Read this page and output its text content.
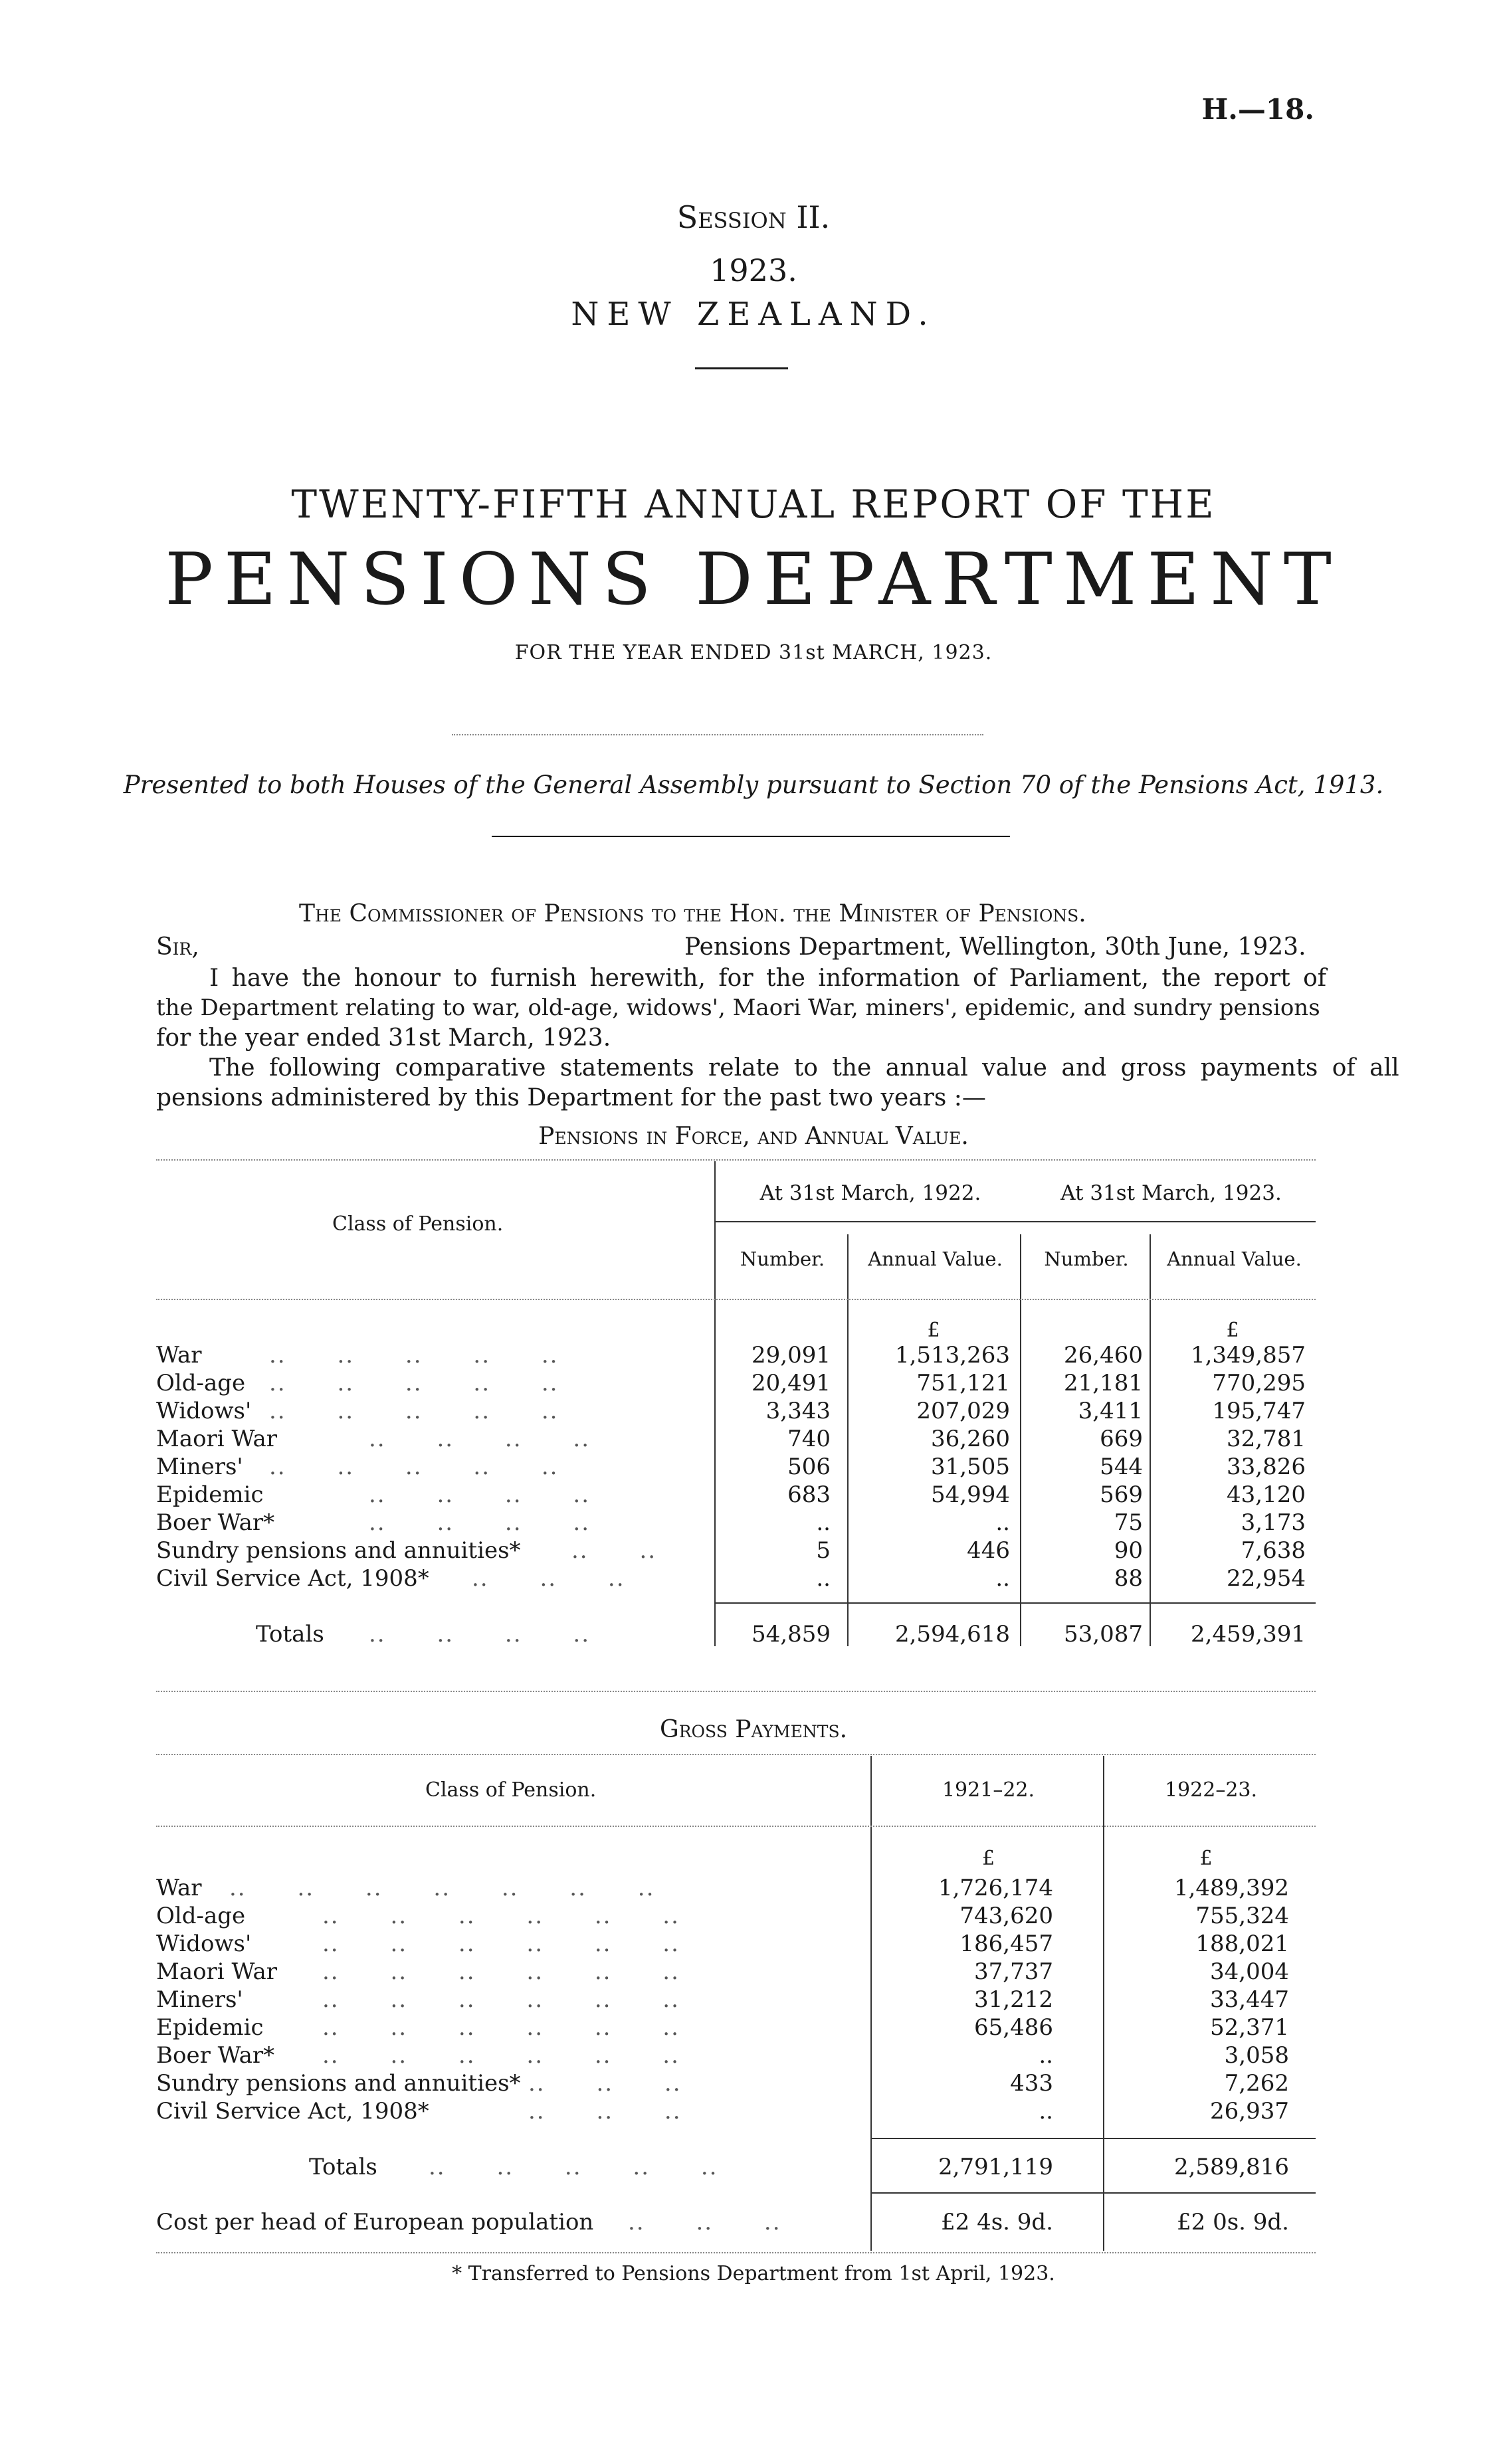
H.—18.
Session II.
1923.
NEW ZEALAND.
TWENTY-FIFTH ANNUAL REPORT OF THE
PENSIONS DEPARTMENT
FOR THE YEAR ENDED 31st MARCH, 1923.
Presented to both Houses of the General Assembly pursuant to Section 70 of the Pensions Act, 1913.
The Commissioner of Pensions to the Hon. the Minister of Pensions.
Sir,	Pensions Department, Wellington, 30th June, 1923.
I have the honour to furnish herewith, for the information of Parliament, the report of
the Department relating to war, old-age, widows', Maori War, miners', epidemic, and sundry pensions
for the year ended 31st March, 1923.
The following comparative statements relate to the annual value and gross payments of all
pensions administered by this Department for the past two years :—
Pensions in Force, and Annual Value.
Class of Pension.
At 31st March, 1922.	At 31st March, 1923.
Number.	Annual Value.	Number.	Annual Value.
£	£
War	..      ..      ..      ..      ..	29,091	1,513,263	26,460	1,349,857
Old-age ..      ..      ..      ..      ..	20,491	751,121	21,181	770,295
Widows' ..      ..      ..      ..      ..	3,343	207,029	3,411	195,747
Maori War	..      ..      ..      ..	740	36,260	669	32,781
Miners' ..      ..      ..      ..      ..	506	31,505	544	33,826
Epidemic	..      ..      ..      ..	683	54,994	569	43,120
Boer War*	..      ..      ..      ..	..	..	75	3,173
Sundry pensions and annuities* ..      ..	5	446	90	7,638
Civil Service Act, 1908* ..      ..      ..	..	..	88	22,954
Totals ..      ..      ..      ..	54,859	2,594,618	53,087	2,459,391
Gross Payments.
Class of Pension.	1921–22.	1922–23.
£	£
War ..      ..      ..      ..      ..      ..      ..	1,726,174	1,489,392
Old-age	..      ..      ..      ..      ..      ..	743,620	755,324
Widows'	..      ..      ..      ..      ..      ..	186,457	188,021
Maori War ..      ..      ..      ..      ..      ..	37,737	34,004
Miners'	..      ..      ..      ..      ..      ..	31,212	33,447
Epidemic	..      ..      ..      ..      ..      ..	65,486	52,371
Boer War* ..      ..      ..      ..      ..      ..	..	3,058
Sundry pensions and annuities* ..      ..      ..	433	7,262
Civil Service Act, 1908*	..      ..      ..	..	26,937
Totals ..      ..      ..      ..      ..	2,791,119	2,589,816
Cost per head of European population ..      ..      ..	£2 4s. 9d.	£2 0s. 9d.
* Transferred to Pensions Department from 1st April, 1923.
